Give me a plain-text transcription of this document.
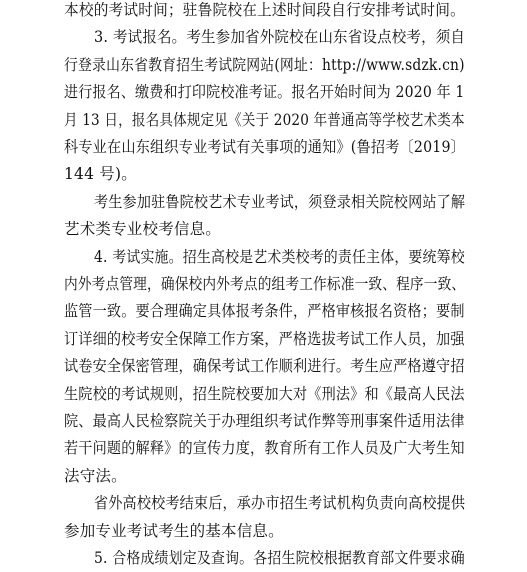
本校的考试时间；驻鲁院校在上述时间段自行安排考试时间。
3. 考试报名。考生参加省外院校在山东省设点校考，须自
行登录山东省教育招生考试院网站(网址：http://www.sdzk.cn)
进行报名、缴费和打印院校准考证。报名开始时间为 2020 年 1
月 13 日，报名具体规定见《关于 2020 年普通高等学校艺术类本
科专业在山东组织专业考试有关事项的通知》(鲁招考〔2019〕
144 号)。
考生参加驻鲁院校艺术专业考试，须登录相关院校网站了解
艺术类专业校考信息。
4. 考试实施。招生高校是艺术类校考的责任主体，要统筹校
内外考点管理，确保校内外考点的组考工作标准一致、程序一致、
监管一致。要合理确定具体报考条件，严格审核报名资格；要制
订详细的校考安全保障工作方案，严格选拔考试工作人员，加强
试卷安全保密管理，确保考试工作顺利进行。考生应严格遵守招
生院校的考试规则，招生院校要加大对《刑法》和《最高人民法
院、最高人民检察院关于办理组织考试作弊等刑事案件适用法律
若干问题的解释》的宣传力度，教育所有工作人员及广大考生知
法守法。
省外高校校考结束后，承办市招生考试机构负责向高校提供
参加专业考试考生的基本信息。
5. 合格成绩划定及查询。各招生院校根据教育部文件要求确
